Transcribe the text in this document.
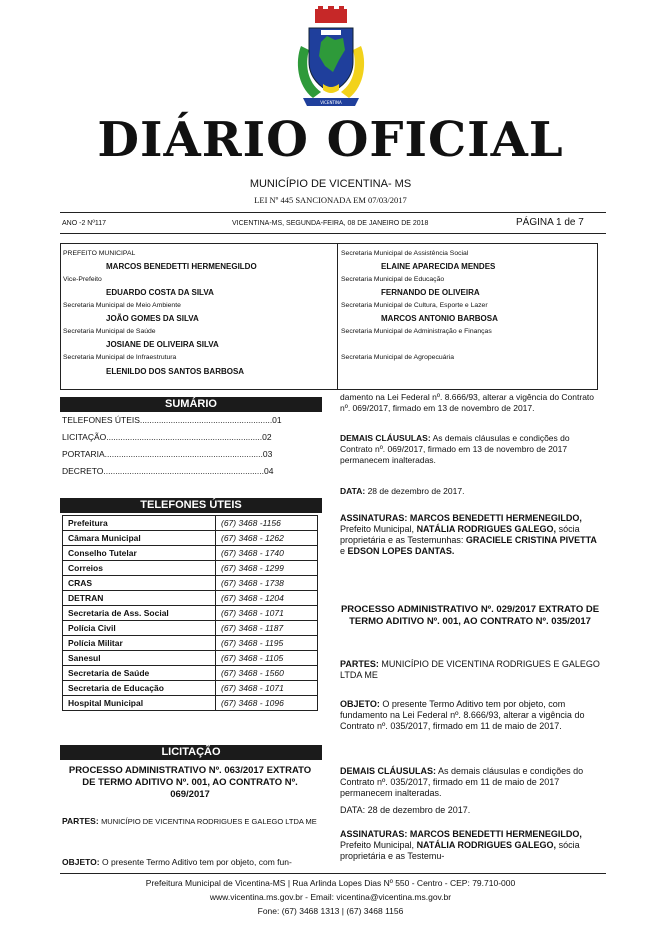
VICENTINA
DIÁRIO OFICIAL
MUNICÍPIO DE VICENTINA- MS
LEI Nº 445 SANCIONADA EM 07/03/2017
ANO -2 Nº117	VICENTINA-MS, SEGUNDA-FEIRA, 08 DE JANEIRO DE 2018	PÁGINA 1 de 7
PREFEITO MUNICIPAL
MARCOS BENEDETTI HERMENEGILDO
Vice-Prefeito
EDUARDO COSTA DA SILVA
Secretaria Municipal de Meio Ambiente
JOÃO GOMES DA SILVA
Secretaria Municipal de Saúde
JOSIANE DE OLIVEIRA SILVA
Secretaria Municipal de Infraestrutura
ELENILDO DOS SANTOS BARBOSA
Secretaria Municipal de Assistência Social
ELAINE APARECIDA MENDES
Secretaria Municipal de Educação
FERNANDO DE OLIVEIRA
Secretaria Municipal de Cultura, Esporte e Lazer
MARCOS ANTONIO BARBOSA
Secretaria Municipal de Administração e Finanças
Secretaria Municipal de Agropecuária
SUMÁRIO
TELEFONES ÚTEIS........................................................01
LICITAÇÃO..................................................................02
PORTARIA...................................................................03
DECRETO....................................................................04
TELEFONES ÚTEIS
Prefeitura	(67) 3468 -1156
Câmara Municipal	(67) 3468 - 1262
Conselho Tutelar	(67) 3468 - 1740
Correios	(67) 3468 - 1299
CRAS	(67) 3468 - 1738
DETRAN	(67) 3468 - 1204
Secretaria de Ass. Social	(67) 3468 - 1071
Polícia Civil	(67) 3468 - 1187
Polícia Militar	(67) 3468 - 1195
Sanesul	(67) 3468 - 1105
Secretaria de Saúde	(67) 3468 - 1560
Secretaria de Educação	(67) 3468 - 1071
Hospital Municipal	(67) 3468 - 1096
LICITAÇÃO
PROCESSO ADMINISTRATIVO Nº. 063/2017 EXTRATO DE TERMO ADITIVO Nº. 001, AO CONTRATO Nº. 069/2017
PARTES: MUNICÍPIO DE VICENTINA RODRIGUES E GALEGO LTDA ME
OBJETO: O presente Termo Aditivo tem por objeto, com fun-
damento na Lei Federal nº. 8.666/93, alterar a vigência do Contrato nº. 069/2017, firmado em 13 de novembro de 2017.
DEMAIS CLÁUSULAS: As demais cláusulas e condições do Contrato nº. 069/2017, firmado em 13 de novembro de 2017 permanecem inalteradas.
DATA: 28 de dezembro de 2017.
ASSINATURAS: MARCOS BENEDETTI HERMENEGILDO, Prefeito Municipal, NATÁLIA RODRIGUES GALEGO, sócia proprietária e as Testemunhas: GRACIELE CRISTINA PIVETTA e EDSON LOPES DANTAS.
PROCESSO ADMINISTRATIVO Nº. 029/2017 EXTRATO DE TERMO ADITIVO Nº. 001, AO CONTRATO Nº. 035/2017
PARTES: MUNICÍPIO DE VICENTINA RODRIGUES E GALEGO LTDA ME
OBJETO: O presente Termo Aditivo tem por objeto, com fundamento na Lei Federal nº. 8.666/93, alterar a vigência do Contrato nº. 035/2017, firmado em 11 de maio de 2017.
DEMAIS CLÁUSULAS: As demais cláusulas e condições do Contrato nº. 035/2017, firmado em 11 de maio de 2017 permanecem inalteradas.
DATA: 28 de dezembro de 2017.
ASSINATURAS: MARCOS BENEDETTI HERMENEGILDO, Prefeito Municipal, NATÁLIA RODRIGUES GALEGO, sócia proprietária e as Testemu-
Prefeitura Municipal de Vicentina-MS | Rua Arlinda Lopes Dias Nº 550 - Centro - CEP: 79.710-000
www.vicentina.ms.gov.br - Email: vicentina@vicentina.ms.gov.br
Fone: (67) 3468 1313 | (67) 3468 1156
